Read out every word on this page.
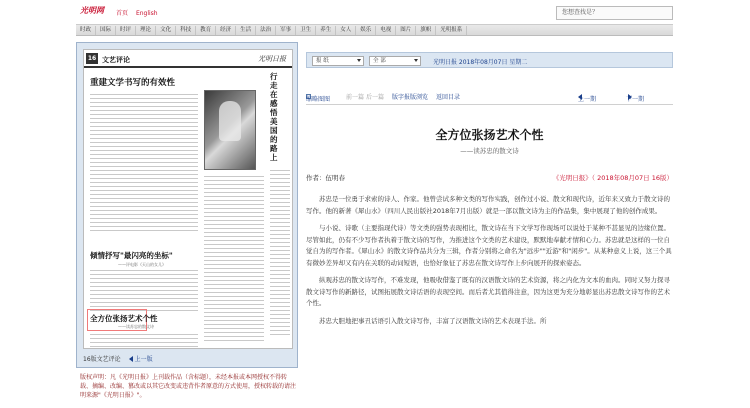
光明网	首页 English	您想查找是？
时政	国际	时评	理论	文化	科技	教育	经济	生活	法治	军事	卫生	养生	女人	娱乐	电视	图片	旗帜	光明报系
16 文艺评论	光明日报
重建文学书写的有效性
行走在感悟美国的路上
倾情抒写"最闪亮的坐标"
——评电影《天山的女儿》
全方位张扬艺术个性
——读苏忠的散文诗
16版文艺评论 上一版
版权声明：凡《光明日报》上刊载作品（含标题），未经本报或本网授权不得转载、摘编、改编、篡改或以其它改变或违背作者原意的方式使用，授权转载的请注明来源"《光明日报》"。
报 纸	全 部	光明日报 2018年08月07日 星期二
缩略图图	前一篇 后一篇 版字报版浏览 返回目录	上一期	下一期
全方位张扬艺术个性
——读苏忠的散文诗
作者：伍明春	《光明日报》（ 2018年08月07日 16版）

苏忠是一位勇于求索的诗人、作家。他曾尝试多种文类的写作实践，创作过小说、散文和现代诗，近年来又致力于散文诗的写作。他的新著《犀山水》（四川人民出版社2018年7月出版）就是一部以散文诗为主的作品集，集中展现了他的创作成果。

与小说、诗歌（主要指现代诗）等文类的强势表现相比，散文诗在当下文学写作现场可以说处于某种不甚显见的边缘位置。尽管如此，仍有不少写作者执着于散文诗的写作，为推进这个文类的艺术建设，默默地奉献才情和心力。苏忠就是这样的一位自觉自为的写作者。《犀山水》的散文诗作品共分为三辑，作者分别将之命名为"远步""近游"和"闲步"。从某种意义上说，这三个具有微妙差异却又有内在关联的动词短语，也恰好象征了苏忠在散文诗写作上步向展开的探索姿态。

纵观苏忠的散文诗写作，不难发现，他吸收借鉴了既有的汉语散文诗的艺术资源，将之内化为文本的血肉。同时又努力探寻散文诗写作的新路径，试图拓展散文诗话语的表现空间。而后者尤其值得注意，因为这更为充分地彰显出苏忠散文诗写作的艺术个性。

苏忠大胆地把事丑话语引入散文诗写作，丰富了汉语散文诗的艺术表现手法。所
